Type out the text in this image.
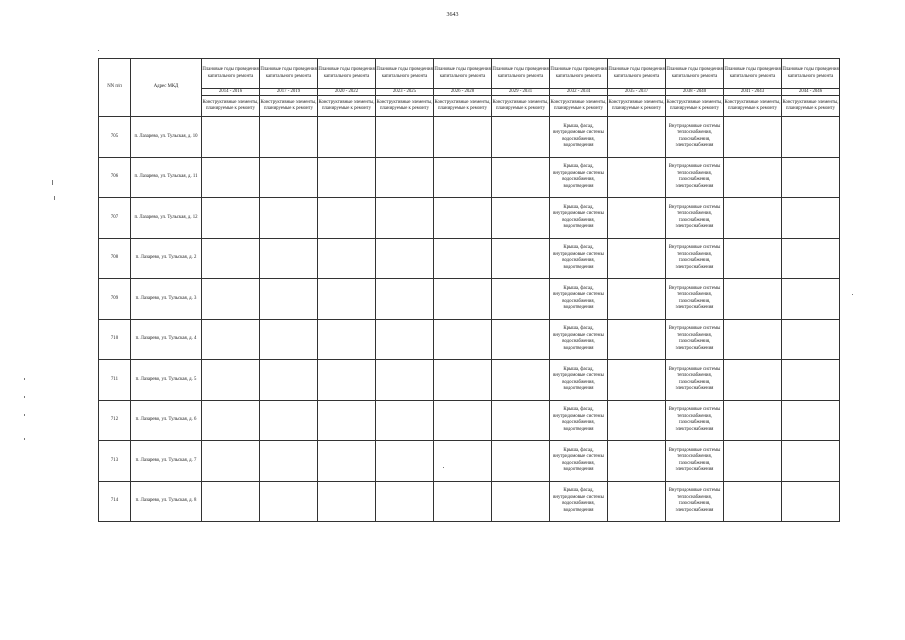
3643
NN п/п	Адрес МКД	Плановые годы проведения капитального ремонта	Плановые годы проведения капитального ремонта	Плановые годы проведения капитального ремонта	Плановые годы проведения капитального ремонта	Плановые годы проведения капитального ремонта	Плановые годы проведения капитального ремонта	Плановые годы проведения капитального ремонта	Плановые годы проведения капитального ремонта	Плановые годы проведения капитального ремонта	Плановые годы проведения капитального ремонта	Плановые годы проведения капитального ремонта
		2014 - 2016	2017 - 2019	2020 - 2022	2023 - 2025	2026 - 2028	2029 - 2031	2032 - 2034	2035 - 2037	2038 - 2040	2041 - 2043	2044 - 2046
		Конструктивные элементы, планируемые к ремонту	Конструктивные элементы, планируемые к ремонту	Конструктивные элементы, планируемые к ремонту	Конструктивные элементы, планируемые к ремонту	Конструктивные элементы, планируемые к ремонту	Конструктивные элементы, планируемые к ремонту	Конструктивные элементы, планируемые к ремонту	Конструктивные элементы, планируемые к ремонту	Конструктивные элементы, планируемые к ремонту	Конструктивные элементы, планируемые к ремонту	Конструктивные элементы, планируемые к ремонту
705	п. Лазарево, ул. Тульская, д. 10							Крыша, фасад, внутридомовые системы водоснабжения, водоотведения		Внутридомовые системы теплоснабжения, газоснабжения, электроснабжения		
706	п. Лазарево, ул. Тульская, д. 11							Крыша, фасад, внутридомовые системы водоснабжения, водоотведения		Внутридомовые системы теплоснабжения, газоснабжения, электроснабжения		
707	п. Лазарево, ул. Тульская, д. 12							Крыша, фасад, внутридомовые системы водоснабжения, водоотведения		Внутридомовые системы теплоснабжения, газоснабжения, электроснабжения		
708	п. Лазарево, ул. Тульская, д. 2							Крыша, фасад, внутридомовые системы водоснабжения, водоотведения		Внутридомовые системы теплоснабжения, газоснабжения, электроснабжения		
709	п. Лазарево, ул. Тульская, д. 3							Крыша, фасад, внутридомовые системы водоснабжения, водоотведения		Внутридомовые системы теплоснабжения, газоснабжения, электроснабжения		
710	п. Лазарево, ул. Тульская, д. 4							Крыша, фасад, внутридомовые системы водоснабжения, водоотведения		Внутридомовые системы теплоснабжения, газоснабжения, электроснабжения		
711	п. Лазарево, ул. Тульская, д. 5							Крыша, фасад, внутридомовые системы водоснабжения, водоотведения		Внутридомовые системы теплоснабжения, газоснабжения, электроснабжения		
712	п. Лазарево, ул. Тульская, д. 6							Крыша, фасад, внутридомовые системы водоснабжения, водоотведения		Внутридомовые системы теплоснабжения, газоснабжения, электроснабжения		
713	п. Лазарево, ул. Тульская, д. 7							Крыша, фасад, внутридомовые системы водоснабжения, водоотведения		Внутридомовые системы теплоснабжения, газоснабжения, электроснабжения		
714	п. Лазарево, ул. Тульская, д. 8							Крыша, фасад, внутридомовые системы водоснабжения, водоотведения		Внутридомовые системы теплоснабжения, газоснабжения, электроснабжения		
